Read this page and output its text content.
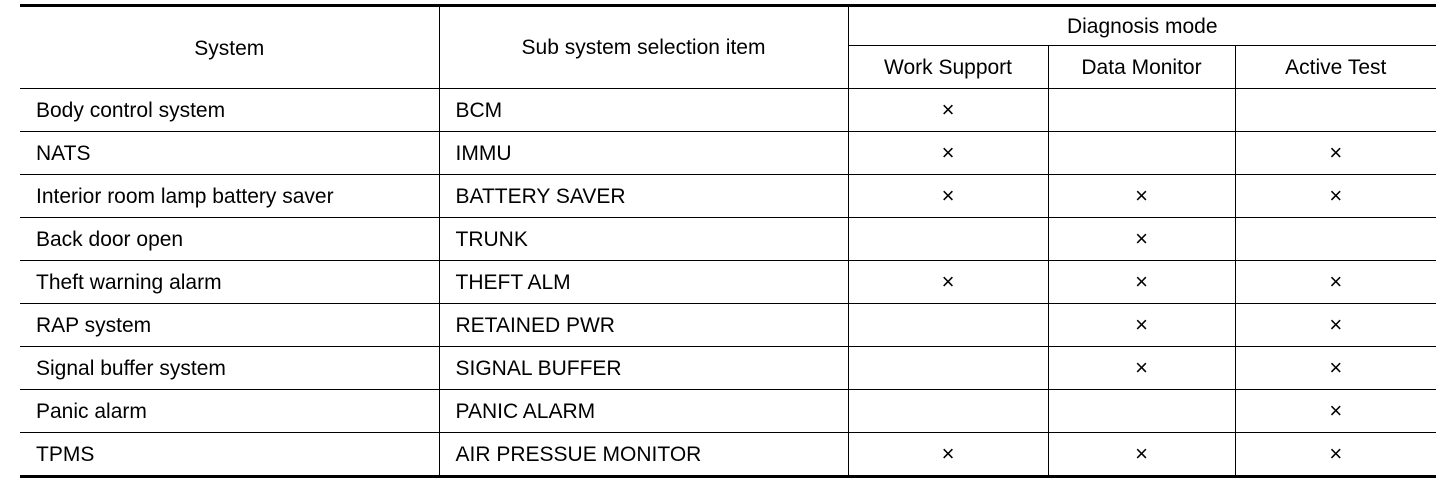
System	Sub system selection item	Diagnosis mode		
		Work Support	Data Monitor	Active Test
Body control system	BCM	×		
NATS	IMMU	×		×
Interior room lamp battery saver	BATTERY SAVER	×	×	×
Back door open	TRUNK		×	
Theft warning alarm	THEFT ALM	×	×	×
RAP system	RETAINED PWR		×	×
Signal buffer system	SIGNAL BUFFER		×	×
Panic alarm	PANIC ALARM			×
TPMS	AIR PRESSUE MONITOR	×	×	×
